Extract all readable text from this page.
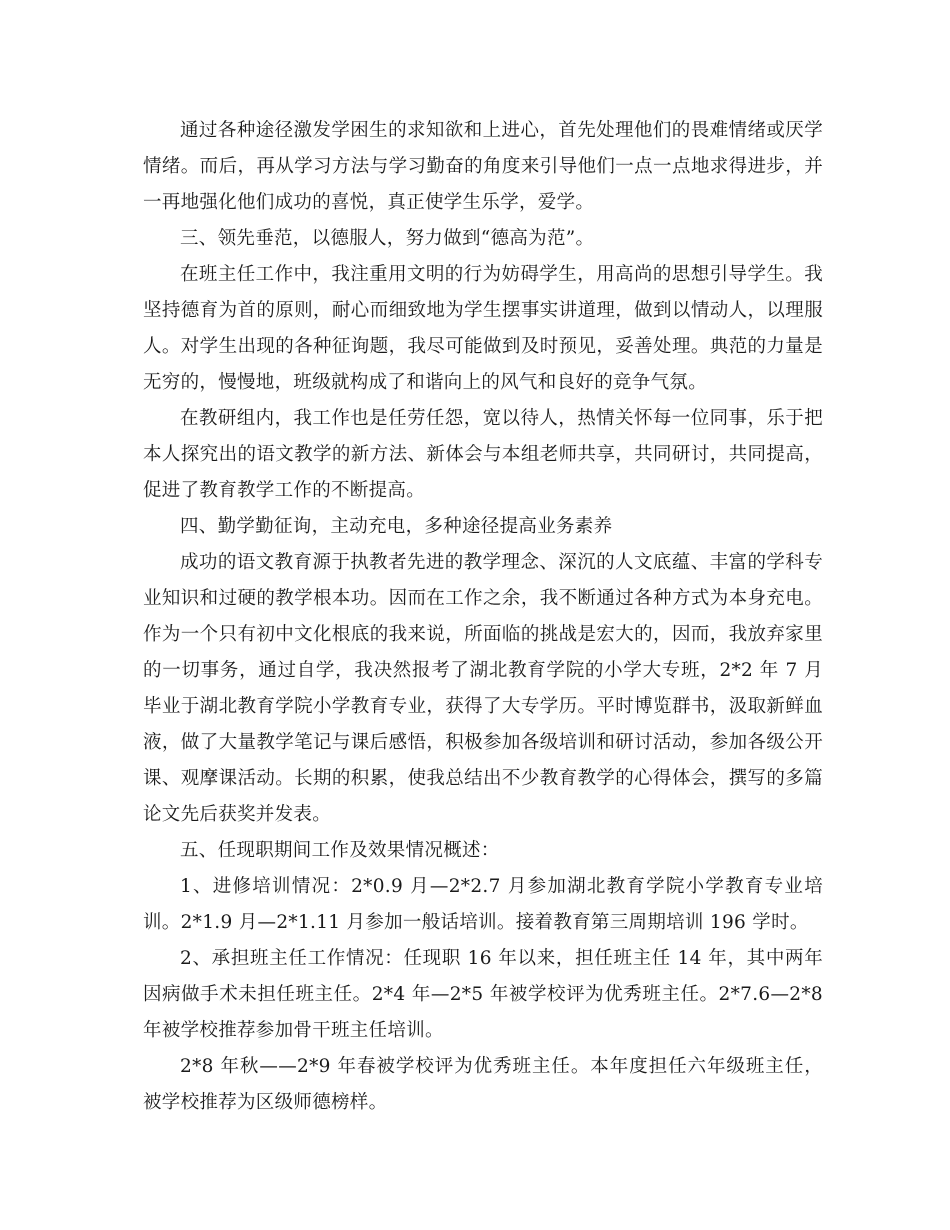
通过各种途径激发学困生的求知欲和上进心，首先处理他们的畏难情绪或厌学情绪。而后，再从学习方法与学习勤奋的角度来引导他们一点一点地求得进步，并一再地强化他们成功的喜悦，真正使学生乐学，爱学。

三、领先垂范，以德服人，努力做到“德高为范”。

在班主任工作中，我注重用文明的行为妨碍学生，用高尚的思想引导学生。我坚持德育为首的原则，耐心而细致地为学生摆事实讲道理，做到以情动人，以理服人。对学生出现的各种征询题，我尽可能做到及时预见，妥善处理。典范的力量是无穷的，慢慢地，班级就构成了和谐向上的风气和良好的竞争气氛。

在教研组内，我工作也是任劳任怨，宽以待人，热情关怀每一位同事，乐于把本人探究出的语文教学的新方法、新体会与本组老师共享，共同研讨，共同提高，促进了教育教学工作的不断提高。

四、勤学勤征询，主动充电，多种途径提高业务素养

成功的语文教育源于执教者先进的教学理念、深沉的人文底蕴、丰富的学科专业知识和过硬的教学根本功。因而在工作之余，我不断通过各种方式为本身充电。作为一个只有初中文化根底的我来说，所面临的挑战是宏大的，因而，我放弃家里的一切事务，通过自学，我决然报考了湖北教育学院的小学大专班，2*2 年 7 月毕业于湖北教育学院小学教育专业，获得了大专学历。平时博览群书，汲取新鲜血液，做了大量教学笔记与课后感悟，积极参加各级培训和研讨活动，参加各级公开课、观摩课活动。长期的积累，使我总结出不少教育教学的心得体会，撰写的多篇论文先后获奖并发表。

五、任现职期间工作及效果情况概述：

1、进修培训情况：2*0.9 月—2*2.7 月参加湖北教育学院小学教育专业培训。2*1.9 月—2*1.11 月参加一般话培训。接着教育第三周期培训 196 学时。

2、承担班主任工作情况：任现职 16 年以来，担任班主任 14 年，其中两年因病做手术未担任班主任。2*4 年—2*5 年被学校评为优秀班主任。2*7.6—2*8 年被学校推荐参加骨干班主任培训。

2*8 年秋——2*9 年春被学校评为优秀班主任。本年度担任六年级班主任，被学校推荐为区级师德榜样。
